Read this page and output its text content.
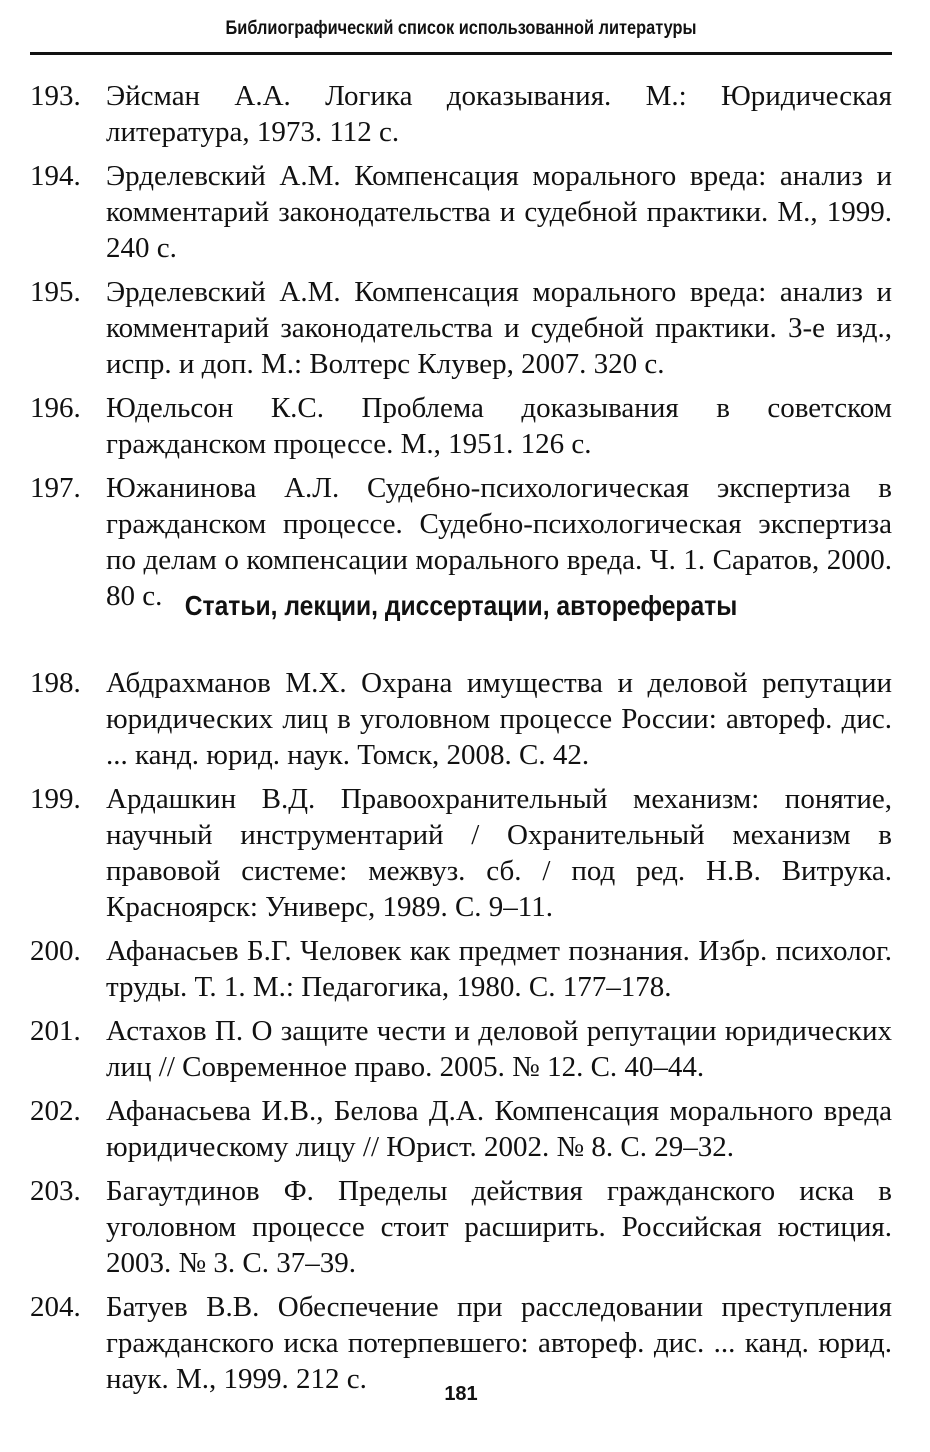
Библиографический список использованной литературы
193. Эйсман А.А. Логика доказывания. М.: Юридическая литература, 1973. 112 с.
194. Эрделевский А.М. Компенсация морального вреда: анализ и комментарий законодательства и судебной практики. М., 1999. 240 с.
195. Эрделевский А.М. Компенсация морального вреда: анализ и комментарий законодательства и судебной практики. 3-е изд., испр. и доп. М.: Волтерс Клувер, 2007. 320 с.
196. Юдельсон К.С. Проблема доказывания в советском гражданском процессе. М., 1951. 126 с.
197. Южанинова А.Л. Судебно-психологическая экспертиза в гражданском процессе. Судебно-психологическая экспертиза по делам о компенсации морального вреда. Ч. 1. Саратов, 2000. 80 с. Статьи, лекции, диссертации, авторефераты
198. Абдрахманов М.Х. Охрана имущества и деловой репутации юридических лиц в уголовном процессе России: автореф. дис. ... канд. юрид. наук. Томск, 2008. С. 42.
199. Ардашкин В.Д. Правоохранительный механизм: понятие, научный инструментарий / Охранительный механизм в правовой системе: межвуз. сб. / под ред. Н.В. Витрука. Красноярск: Универс, 1989. С. 9–11.
200. Афанасьев Б.Г. Человек как предмет познания. Избр. психолог. труды. Т. 1. М.: Педагогика, 1980. С. 177–178.
201. Астахов П. О защите чести и деловой репутации юридических лиц // Современное право. 2005. № 12. С. 40–44.
202. Афанасьева И.В., Белова Д.А. Компенсация морального вреда юридическому лицу // Юрист. 2002. № 8. С. 29–32.
203. Багаутдинов Ф. Пределы действия гражданского иска в уголовном процессе стоит расширить. Российская юстиция. 2003. № 3. С. 37–39.
204. Батуев В.В. Обеспечение при расследовании преступления гражданского иска потерпевшего: автореф. дис. ... канд. юрид. наук. М., 1999. 212 с.	181
